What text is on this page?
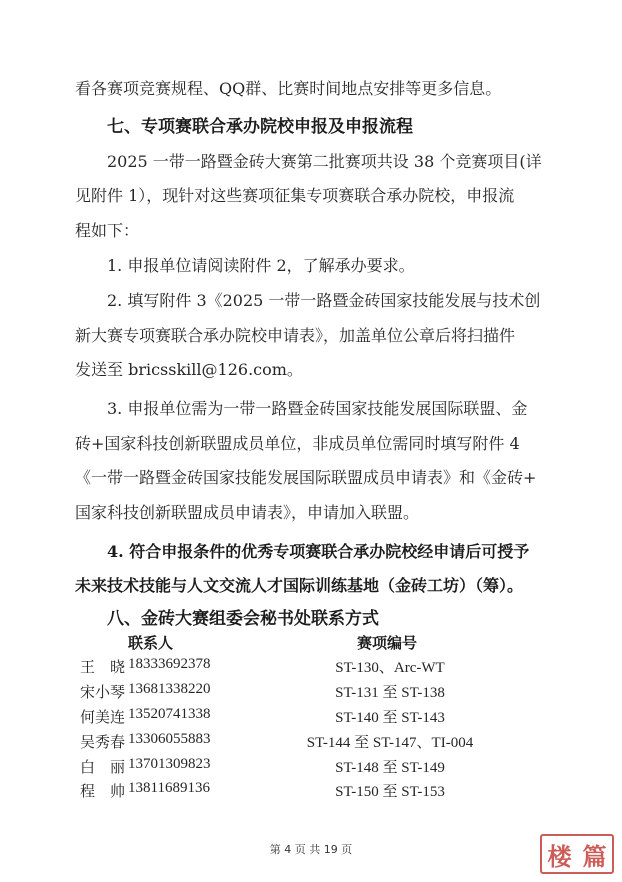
看各赛项竞赛规程、QQ群、比赛时间地点安排等更多信息。
七、专项赛联合承办院校申报及申报流程
2025 一带一路暨金砖大赛第二批赛项共设 38 个竞赛项目(详
见附件 1），现针对这些赛项征集专项赛联合承办院校，申报流
程如下：
1. 申报单位请阅读附件 2，了解承办要求。
2. 填写附件 3《2025 一带一路暨金砖国家技能发展与技术创
新大赛专项赛联合承办院校申请表》，加盖单位公章后将扫描件
发送至 bricsskill@126.com。
3. 申报单位需为一带一路暨金砖国家技能发展国际联盟、金
砖+国家科技创新联盟成员单位，非成员单位需同时填写附件 4
《一带一路暨金砖国家技能发展国际联盟成员申请表》和《金砖+
国家科技创新联盟成员申请表》，申请加入联盟。
4. 符合申报条件的优秀专项赛联合承办院校经申请后可授予
未来技术技能与人文交流人才国际训练基地（金砖工坊）（筹）。
八、金砖大赛组委会秘书处联系方式
联系人	赛项编号
王　晓 18333692378	ST-130、Arc-WT
宋小琴 13681338220	ST-131 至 ST-138
何美连 13520741338	ST-140 至 ST-143
吴秀春 13306055883	ST-144 至 ST-147、TI-004
白　丽 13701309823	ST-148 至 ST-149
程　帅 13811689136	ST-150 至 ST-153
第 4 页 共 19 页	楼 篇
